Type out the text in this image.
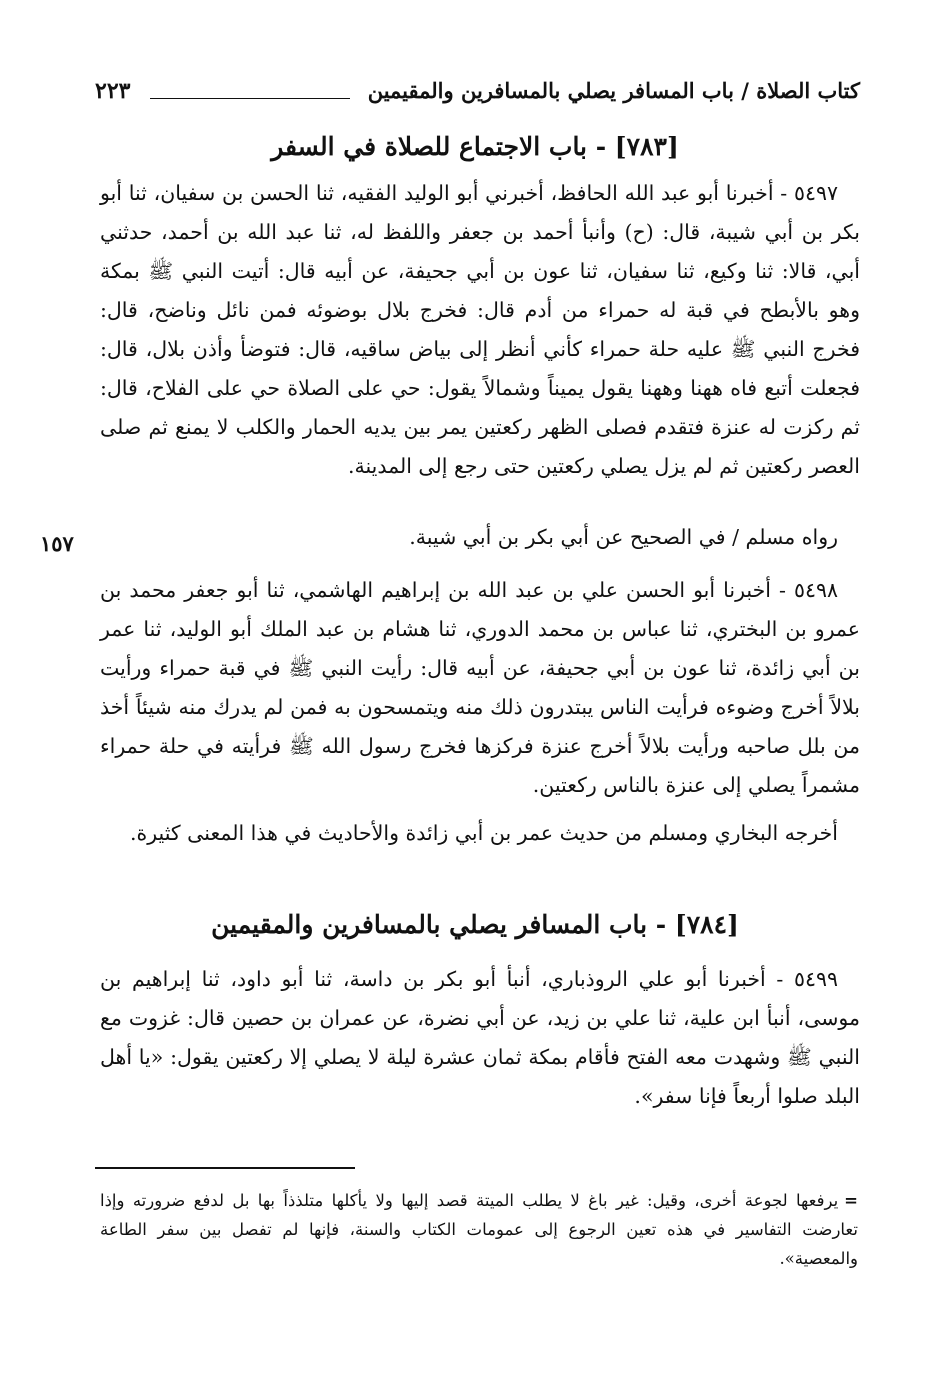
كتاب الصلاة / باب المسافر يصلي بالمسافرين والمقيمين
٢٢٣
[٧٨٣] - باب الاجتماع للصلاة في السفر

٥٤٩٧ - أخبرنا أبو عبد الله الحافظ، أخبرني أبو الوليد الفقيه، ثنا الحسن بن سفيان، ثنا أبو بكر بن أبي شيبة، قال: (ح) وأنبأ أحمد بن جعفر واللفظ له، ثنا عبد الله بن أحمد، حدثني أبي، قالا: ثنا وكيع، ثنا سفيان، ثنا عون بن أبي جحيفة، عن أبيه قال: أتيت النبي ﷺ بمكة وهو بالأبطح في قبة له حمراء من أدم قال: فخرج بلال بوضوئه فمن نائل وناضح، قال: فخرج النبي ﷺ عليه حلة حمراء كأني أنظر إلى بياض ساقيه، قال: فتوضأ وأذن بلال، قال: فجعلت أتبع فاه ههنا وههنا يقول يميناً وشمالاً يقول: حي على الصلاة حي على الفلاح، قال: ثم ركزت له عنزة فتقدم فصلى الظهر ركعتين يمر بين يديه الحمار والكلب لا يمنع ثم صلى العصر ركعتين ثم لم يزل يصلي ركعتين حتى رجع إلى المدينة.

رواه مسلم / في الصحيح عن أبي بكر بن أبي شيبة.

١٥٧

٥٤٩٨ - أخبرنا أبو الحسن علي بن عبد الله بن إبراهيم الهاشمي، ثنا أبو جعفر محمد بن عمرو بن البختري، ثنا عباس بن محمد الدوري، ثنا هشام بن عبد الملك أبو الوليد، ثنا عمر بن أبي زائدة، ثنا عون بن أبي جحيفة، عن أبيه قال: رأيت النبي ﷺ في قبة حمراء ورأيت بلالاً أخرج وضوءه فرأيت الناس يبتدرون ذلك منه ويتمسحون به فمن لم يدرك منه شيئاً أخذ من بلل صاحبه ورأيت بلالاً أخرج عنزة فركزها فخرج رسول الله ﷺ فرأيته في حلة حمراء مشمراً يصلي إلى عنزة بالناس ركعتين.

أخرجه البخاري ومسلم من حديث عمر بن أبي زائدة والأحاديث في هذا المعنى كثيرة.

[٧٨٤] - باب المسافر يصلي بالمسافرين والمقيمين

٥٤٩٩ - أخبرنا أبو علي الروذباري، أنبأ أبو بكر بن داسة، ثنا أبو داود، ثنا إبراهيم بن موسى، أنبأ ابن علية، ثنا علي بن زيد، عن أبي نضرة، عن عمران بن حصين قال: غزوت مع النبي ﷺ وشهدت معه الفتح فأقام بمكة ثمان عشرة ليلة لا يصلي إلا ركعتين يقول: «يا أهل البلد صلوا أربعاً فإنا سفر».

=يرفعها لجوعة أخرى، وقيل: غير باغ لا يطلب الميتة قصد إليها ولا يأكلها متلذذاً بها بل لدفع ضرورته وإذا تعارضت التفاسير في هذه تعين الرجوع إلى عمومات الكتاب والسنة، فإنها لم تفصل بين سفر الطاعة والمعصية».
